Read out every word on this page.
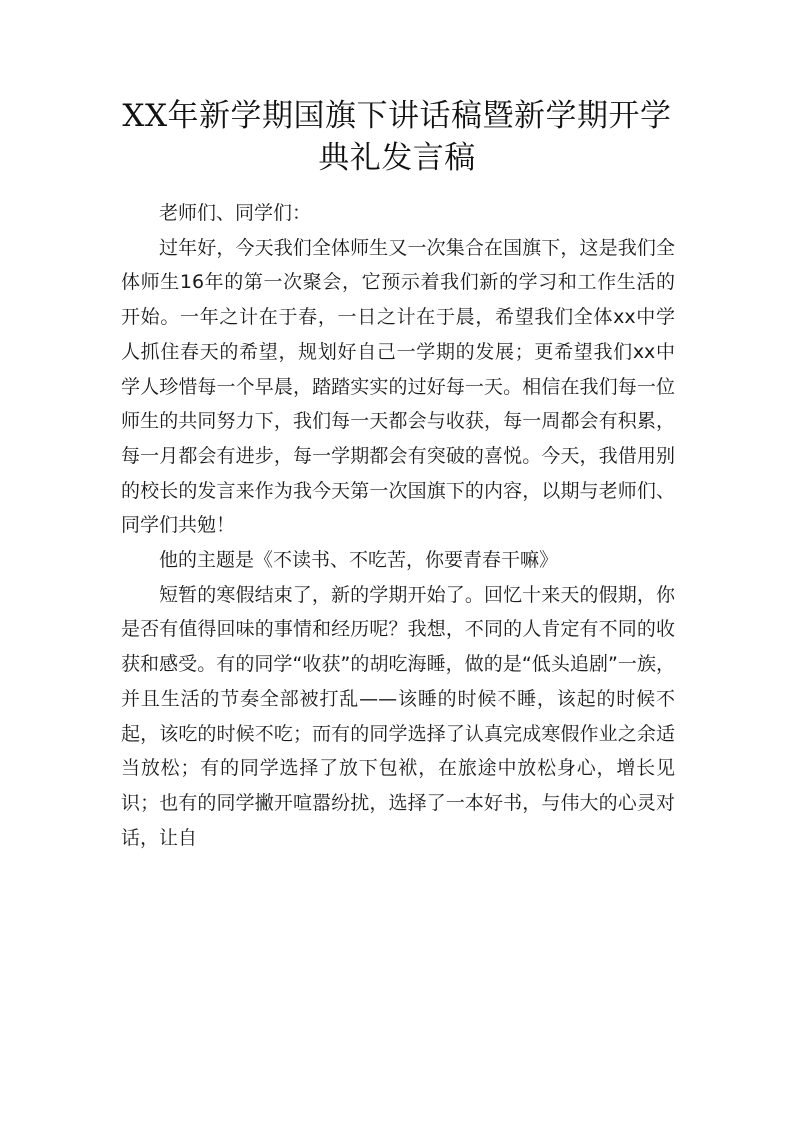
XX年新学期国旗下讲话稿暨新学期开学典礼发言稿

老师们、同学们：

过年好，今天我们全体师生又一次集合在国旗下，这是我们全体师生16年的第一次聚会，它预示着我们新的学习和工作生活的开始。一年之计在于春，一日之计在于晨，希望我们全体xx中学人抓住春天的希望，规划好自己一学期的发展；更希望我们xx中学人珍惜每一个早晨，踏踏实实的过好每一天。相信在我们每一位师生的共同努力下，我们每一天都会与收获，每一周都会有积累，每一月都会有进步，每一学期都会有突破的喜悦。今天，我借用别的校长的发言来作为我今天第一次国旗下的内容，以期与老师们、同学们共勉！

他的主题是《不读书、不吃苦，你要青春干嘛》

短暂的寒假结束了，新的学期开始了。回忆十来天的假期，你是否有值得回味的事情和经历呢？我想，不同的人肯定有不同的收获和感受。有的同学“收获”的胡吃海睡，做的是“低头追剧”一族，并且生活的节奏全部被打乱——该睡的时候不睡，该起的时候不起，该吃的时候不吃；而有的同学选择了认真完成寒假作业之余适当放松；有的同学选择了放下包袱，在旅途中放松身心，增长见识；也有的同学撇开喧嚣纷扰，选择了一本好书，与伟大的心灵对话，让自
